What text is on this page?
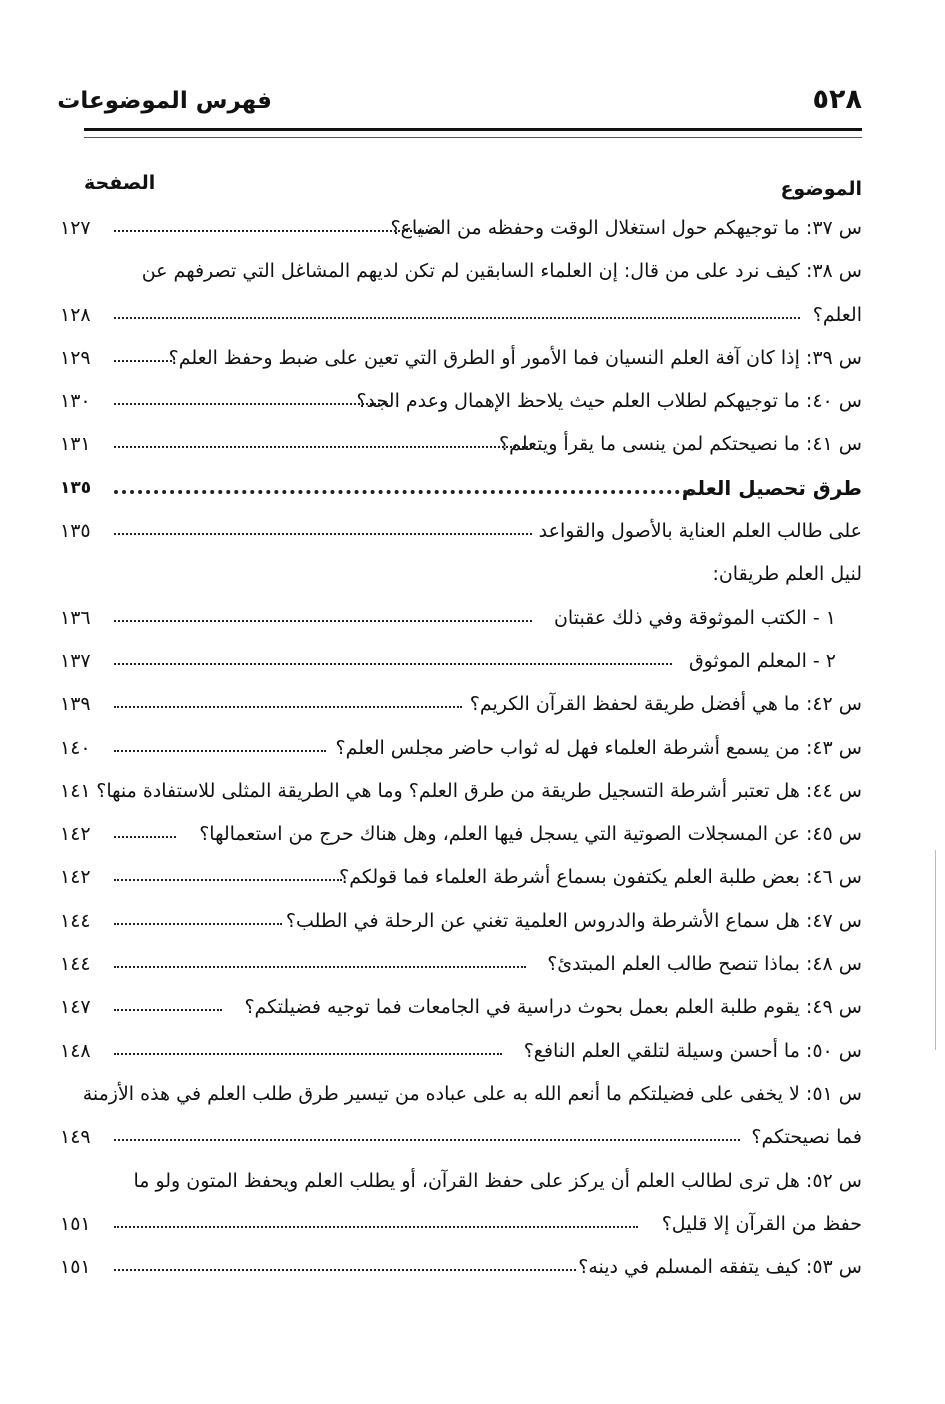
٥٢٨
فهرس الموضوعات
الموضوع
الصفحة
س ٣٧: ما توجيهكم حول استغلال الوقت وحفظه من الضياع؟
١٢٧
س ٣٨: كيف نرد على من قال: إن العلماء السابقين لم تكن لديهم المشاغل التي تصرفهم عن
العلم؟
١٢٨
س ٣٩: إذا كان آفة العلم النسيان فما الأمور أو الطرق التي تعين على ضبط وحفظ العلم؟
١٢٩
س ٤٠: ما توجيهكم لطلاب العلم حيث يلاحظ الإهمال وعدم الجد؟
١٣٠
س ٤١: ما نصيحتكم لمن ينسى ما يقرأ ويتعلم؟
١٣١
طرق تحصيل العلم
١٣٥
على طالب العلم العناية بالأصول والقواعد
١٣٥
لنيل العلم طريقان:
١ - الكتب الموثوقة وفي ذلك عقبتان
١٣٦
٢ - المعلم الموثوق
١٣٧
س ٤٢: ما هي أفضل طريقة لحفظ القرآن الكريم؟
١٣٩
س ٤٣: من يسمع أشرطة العلماء فهل له ثواب حاضر مجلس العلم؟
١٤٠
س ٤٤: هل تعتبر أشرطة التسجيل طريقة من طرق العلم؟ وما هي الطريقة المثلى للاستفادة منها؟
١٤١
س ٤٥: عن المسجلات الصوتية التي يسجل فيها العلم، وهل هناك حرج من استعمالها؟
١٤٢
س ٤٦: بعض طلبة العلم يكتفون بسماع أشرطة العلماء فما قولكم؟
١٤٢
س ٤٧: هل سماع الأشرطة والدروس العلمية تغني عن الرحلة في الطلب؟
١٤٤
س ٤٨: بماذا تنصح طالب العلم المبتدئ؟
١٤٤
س ٤٩: يقوم طلبة العلم بعمل بحوث دراسية في الجامعات فما توجيه فضيلتكم؟
١٤٧
س ٥٠: ما أحسن وسيلة لتلقي العلم النافع؟
١٤٨
س ٥١: لا يخفى على فضيلتكم ما أنعم الله به على عباده من تيسير طرق طلب العلم في هذه الأزمنة
فما نصيحتكم؟
١٤٩
س ٥٢: هل ترى لطالب العلم أن يركز على حفظ القرآن، أو يطلب العلم ويحفظ المتون ولو ما
حفظ من القرآن إلا قليل؟
١٥١
س ٥٣: كيف يتفقه المسلم في دينه؟
١٥١
